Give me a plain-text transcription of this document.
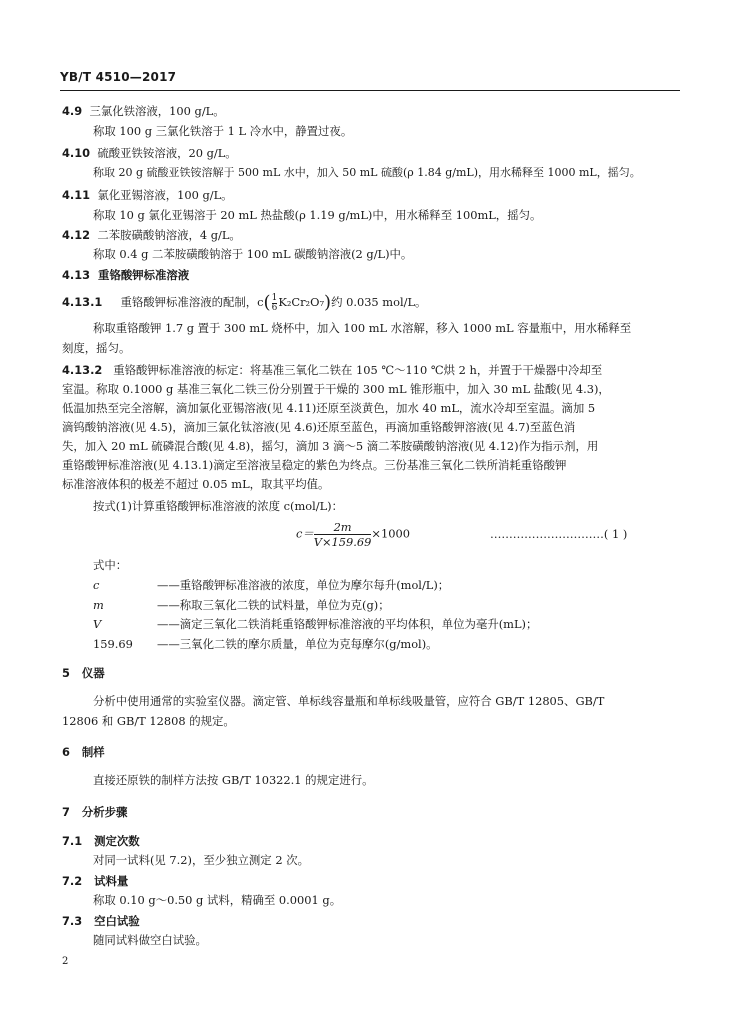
YB/T 4510—2017
4.9 三氯化铁溶液，100 g/L。
称取 100 g 三氯化铁溶于 1 L 冷水中，静置过夜。
4.10 硫酸亚铁铵溶液，20 g/L。
称取 20 g 硫酸亚铁铵溶解于 500 mL 水中，加入 50 mL 硫酸(ρ 1.84 g/mL)，用水稀释至 1000 mL，摇匀。
4.11 氯化亚锡溶液，100 g/L。
称取 10 g 氯化亚锡溶于 20 mL 热盐酸(ρ 1.19 g/mL)中，用水稀释至 100mL，摇匀。
4.12 二苯胺磺酸钠溶液，4 g/L。
称取 0.4 g 二苯胺磺酸钠溶于 100 mL 碳酸钠溶液(2 g/L)中。
4.13 重铬酸钾标准溶液
4.13.1 重铬酸钾标准溶液的配制，$c( \frac{1}{6} K_2Cr_2O_7)$约 0.035 mol/L。
称取重铬酸钾 1.7 g 置于 300 mL 烧杯中，加入 100 mL 水溶解，移入 1000 mL 容量瓶中，用水稀释至
刻度，摇匀。
4.13.2 重铬酸钾标准溶液的标定：将基准三氧化二铁在 105 ℃～110 ℃烘 2 h，并置于干燥器中冷却至
室温。称取 0.1000 g 基准三氧化二铁三份分别置于干燥的 300 mL 锥形瓶中，加入 30 mL 盐酸(见 4.3)，
低温加热至完全溶解，滴加氯化亚锡溶液(见 4.11)还原至淡黄色，加水 40 mL，流水冷却至室温。滴加 5
滴钨酸钠溶液(见 4.5)，滴加三氯化钛溶液(见 4.6)还原至蓝色，再滴加重铬酸钾溶液(见 4.7)至蓝色消
失，加入 20 mL 硫磷混合酸(见 4.8)，摇匀，滴加 3 滴～5 滴二苯胺磺酸钠溶液(见 4.12)作为指示剂，用
重铬酸钾标准溶液(见 4.13.1)滴定至溶液呈稳定的紫色为终点。三份基准三氧化二铁所消耗重铬酸钾
标准溶液体积的极差不超过 0.05 mL，取其平均值。
按式(1)计算重铬酸钾标准溶液的浓度 c(mol/L)：
$c= \frac{2m}{V\times 159.69} \times 1000$	…………………………( 1 )
式中：
c	——重铬酸钾标准溶液的浓度，单位为摩尔每升(mol/L)；
m	——称取三氧化二铁的试料量，单位为克(g)；
V	——滴定三氧化二铁消耗重铬酸钾标准溶液的平均体积，单位为毫升(mL)；
159.69 ——三氧化二铁的摩尔质量，单位为克每摩尔(g/mol)。
5 仪器
分析中使用通常的实验室仪器。滴定管、单标线容量瓶和单标线吸量管，应符合 GB/T 12805、GB/T
12806 和 GB/T 12808 的规定。
6 制样
直接还原铁的制样方法按 GB/T 10322.1 的规定进行。
7 分析步骤
7.1 测定次数
对同一试料(见 7.2)，至少独立测定 2 次。
7.2 试料量
称取 0.10 g～0.50 g 试料，精确至 0.0001 g。
7.3 空白试验
随同试料做空白试验。
2
